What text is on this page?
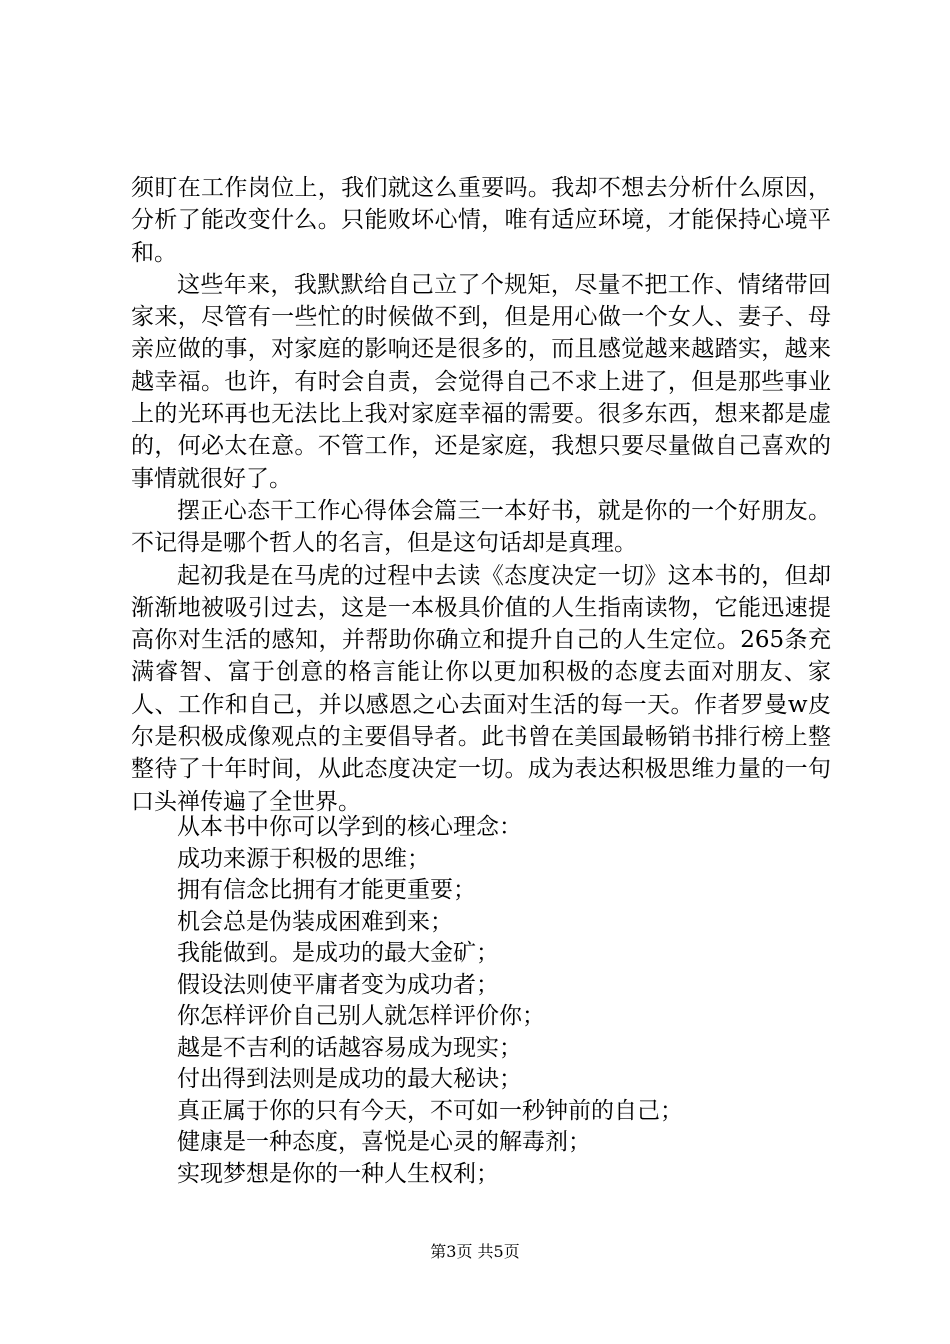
须盯在工作岗位上，我们就这么重要吗。我却不想去分析什么原因，分析了能改变什么。只能败坏心情，唯有适应环境，才能保持心境平和。

这些年来，我默默给自己立了个规矩，尽量不把工作、情绪带回家来，尽管有一些忙的时候做不到，但是用心做一个女人、妻子、母亲应做的事，对家庭的影响还是很多的，而且感觉越来越踏实，越来越幸福。也许，有时会自责，会觉得自己不求上进了，但是那些事业上的光环再也无法比上我对家庭幸福的需要。很多东西，想来都是虚的，何必太在意。不管工作，还是家庭，我想只要尽量做自己喜欢的事情就很好了。

摆正心态干工作心得体会篇三一本好书，就是你的一个好朋友。不记得是哪个哲人的名言，但是这句话却是真理。

起初我是在马虎的过程中去读《态度决定一切》这本书的，但却渐渐地被吸引过去，这是一本极具价值的人生指南读物，它能迅速提高你对生活的感知，并帮助你确立和提升自己的人生定位。265条充满睿智、富于创意的格言能让你以更加积极的态度去面对朋友、家人、工作和自己，并以感恩之心去面对生活的每一天。作者罗曼w皮尔是积极成像观点的主要倡导者。此书曾在美国最畅销书排行榜上整整待了十年时间，从此态度决定一切。成为表达积极思维力量的一句口头禅传遍了全世界。

从本书中你可以学到的核心理念：

成功来源于积极的思维；

拥有信念比拥有才能更重要；

机会总是伪装成困难到来；

我能做到。是成功的最大金矿；

假设法则使平庸者变为成功者；

你怎样评价自己别人就怎样评价你；

越是不吉利的话越容易成为现实；

付出得到法则是成功的最大秘诀；

真正属于你的只有今天，不可如一秒钟前的自己；

健康是一种态度，喜悦是心灵的解毒剂；

实现梦想是你的一种人生权利；

第3页 共5页
